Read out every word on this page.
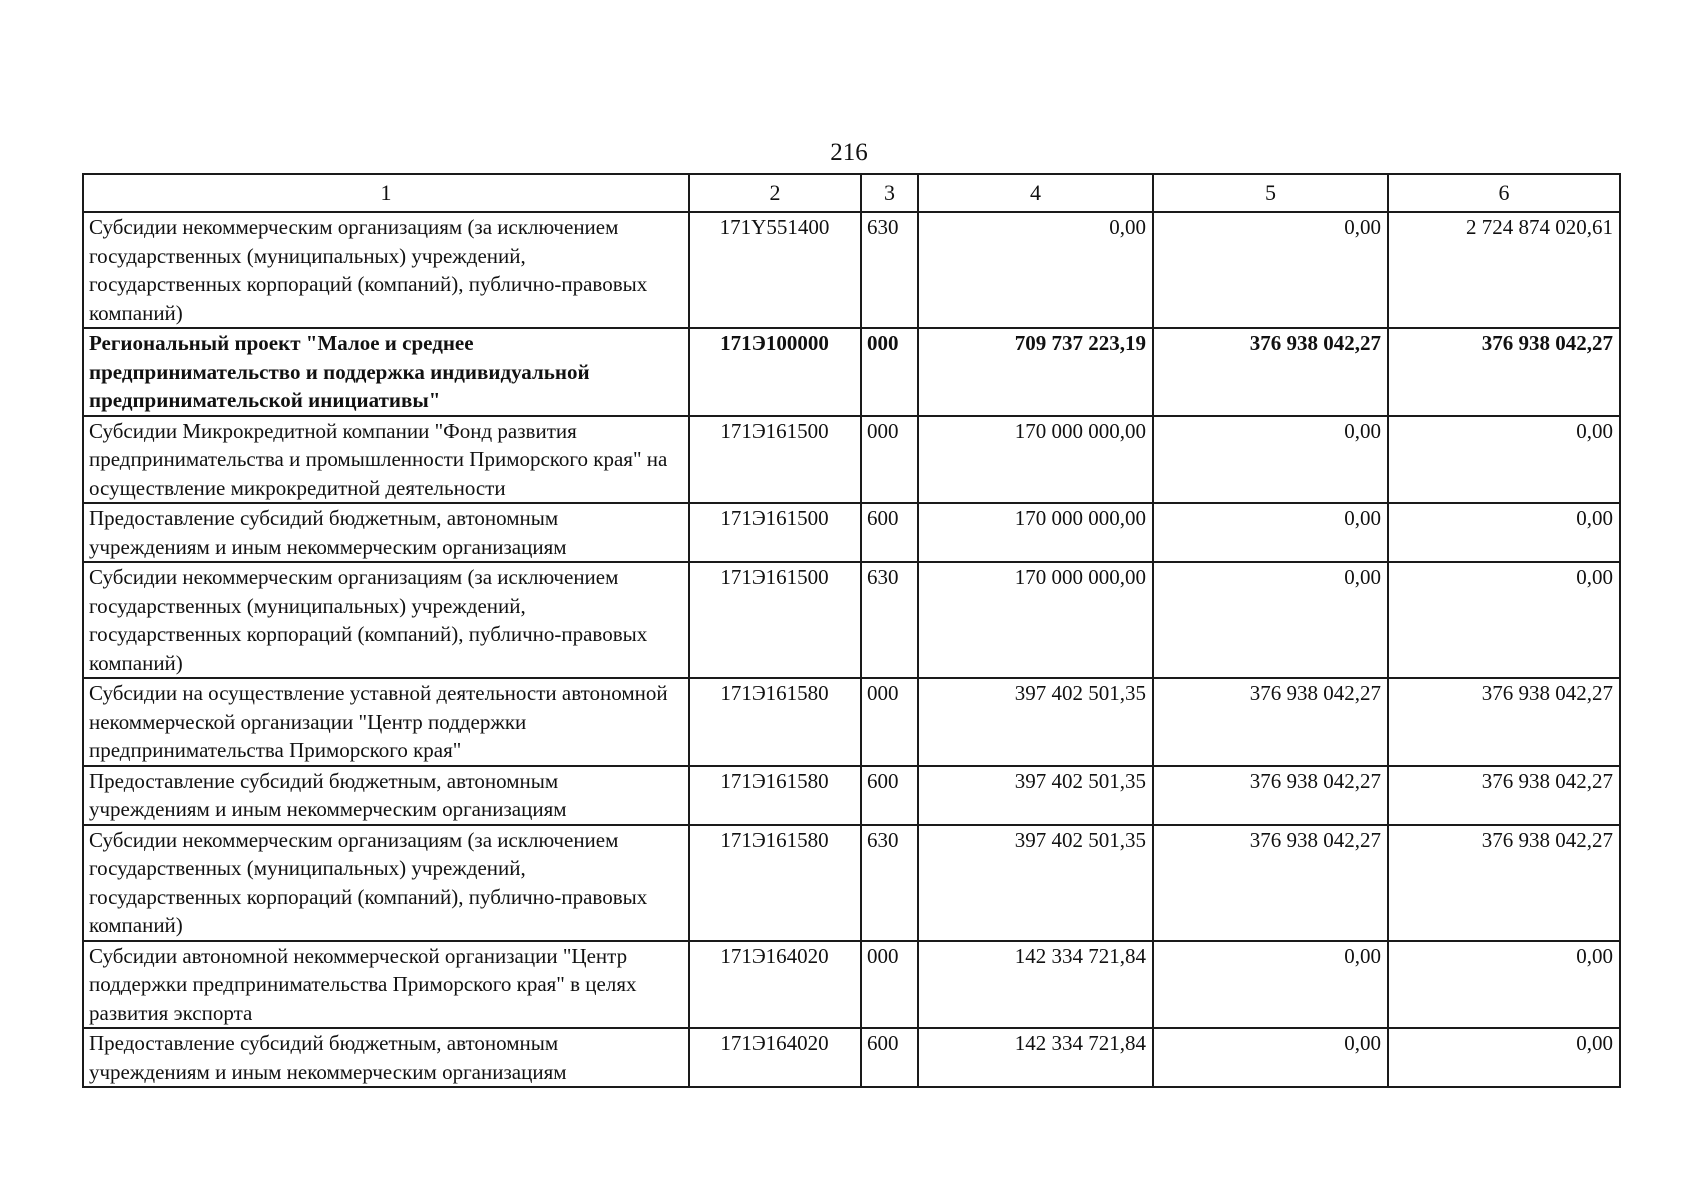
216
1	2	3	4	5	6
Субсидии некоммерческим организациям (за исключением государственных (муниципальных) учреждений, государственных корпораций (компаний), публично-правовых компаний)	171Y551400	630	0,00	0,00	2 724 874 020,61
Региональный проект "Малое и среднее предпринимательство и поддержка индивидуальной предпринимательской инициативы"	171Э100000	000	709 737 223,19	376 938 042,27	376 938 042,27
Субсидии Микрокредитной компании "Фонд развития предпринимательства и промышленности Приморского края" на осуществление микрокредитной деятельности	171Э161500	000	170 000 000,00	0,00	0,00
Предоставление субсидий бюджетным, автономным учреждениям и иным некоммерческим организациям	171Э161500	600	170 000 000,00	0,00	0,00
Субсидии некоммерческим организациям (за исключением государственных (муниципальных) учреждений, государственных корпораций (компаний), публично-правовых компаний)	171Э161500	630	170 000 000,00	0,00	0,00
Субсидии на осуществление уставной деятельности автономной некоммерческой организации "Центр поддержки предпринимательства Приморского края"	171Э161580	000	397 402 501,35	376 938 042,27	376 938 042,27
Предоставление субсидий бюджетным, автономным учреждениям и иным некоммерческим организациям	171Э161580	600	397 402 501,35	376 938 042,27	376 938 042,27
Субсидии некоммерческим организациям (за исключением государственных (муниципальных) учреждений, государственных корпораций (компаний), публично-правовых компаний)	171Э161580	630	397 402 501,35	376 938 042,27	376 938 042,27
Субсидии автономной некоммерческой организации "Центр поддержки предпринимательства Приморского края" в целях развития экспорта	171Э164020	000	142 334 721,84	0,00	0,00
Предоставление субсидий бюджетным, автономным учреждениям и иным некоммерческим организациям	171Э164020	600	142 334 721,84	0,00	0,00
